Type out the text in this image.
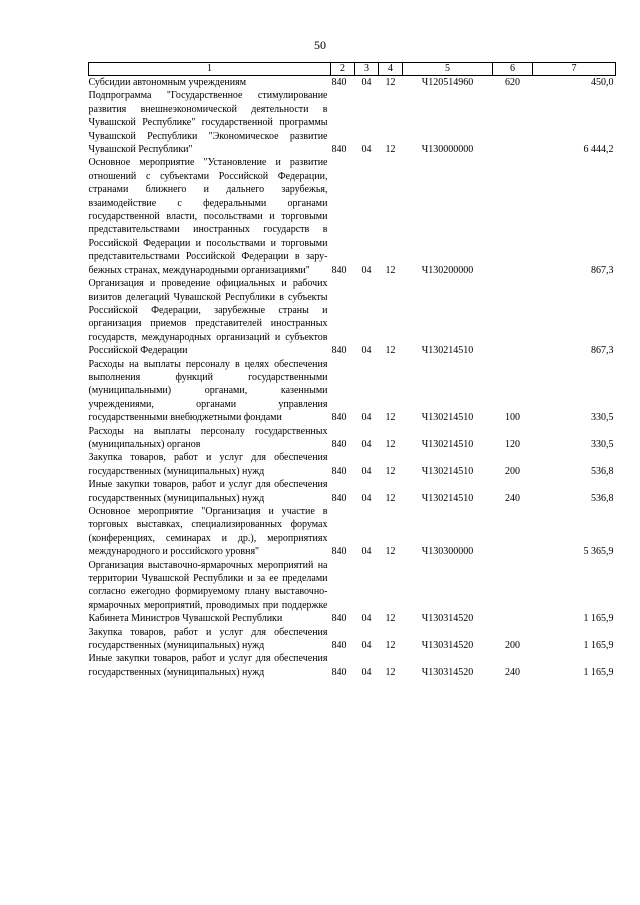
50
1	2	3	4	5	6	7
Субсидии автономным учреждениям	840	04	12	Ч120514960	620	450,0
Подпрограмма "Государственное стимулирование развития внешнеэкономической деятельности в Чувашской Республике" государственной программы Чувашской Республики "Экономическое развитие Чувашской Республики"	840	04	12	Ч130000000		6 444,2
Основное мероприятие "Установление и развитие отношений с субъектами Российской Федерации, странами ближнего и дальнего зарубежья, взаимодействие с федеральными органами государственной власти, посольствами и торговыми представительствами иностранных государств в Российской Федерации и посольствами и торговыми представительствами Российской Федерации в зарубежных странах, международными организациями"	840	04	12	Ч130200000		867,3
Организация и проведение официальных и рабочих визитов делегаций Чувашской Республики в субъекты Российской Федерации, зарубежные страны и организация приемов представителей иностранных государств, международных организаций и субъектов Российской Федерации	840	04	12	Ч130214510		867,3
Расходы на выплаты персоналу в целях обеспечения выполнения функций государственными (муниципальными) органами, казенными учреждениями, органами управления государственными внебюджетными фондами	840	04	12	Ч130214510	100	330,5
Расходы на выплаты персоналу государственных (муниципальных) органов	840	04	12	Ч130214510	120	330,5
Закупка товаров, работ и услуг для обеспечения государственных (муниципальных) нужд	840	04	12	Ч130214510	200	536,8
Иные закупки товаров, работ и услуг для обеспечения государственных (муниципальных) нужд	840	04	12	Ч130214510	240	536,8
Основное мероприятие "Организация и участие в торговых выставках, специализированных форумах (конференциях, семинарах и др.), мероприятиях международного и российского уровня"	840	04	12	Ч130300000		5 365,9
Организация выставочно-ярмарочных мероприятий на территории Чувашской Республики и за ее пределами согласно ежегодно формируемому плану выставочно-ярмарочных мероприятий, проводимых при поддержке Кабинета Министров Чувашской Республики	840	04	12	Ч130314520		1 165,9
Закупка товаров, работ и услуг для обеспечения государственных (муниципальных) нужд	840	04	12	Ч130314520	200	1 165,9
Иные закупки товаров, работ и услуг для обеспечения государственных (муниципальных) нужд	840	04	12	Ч130314520	240	1 165,9
